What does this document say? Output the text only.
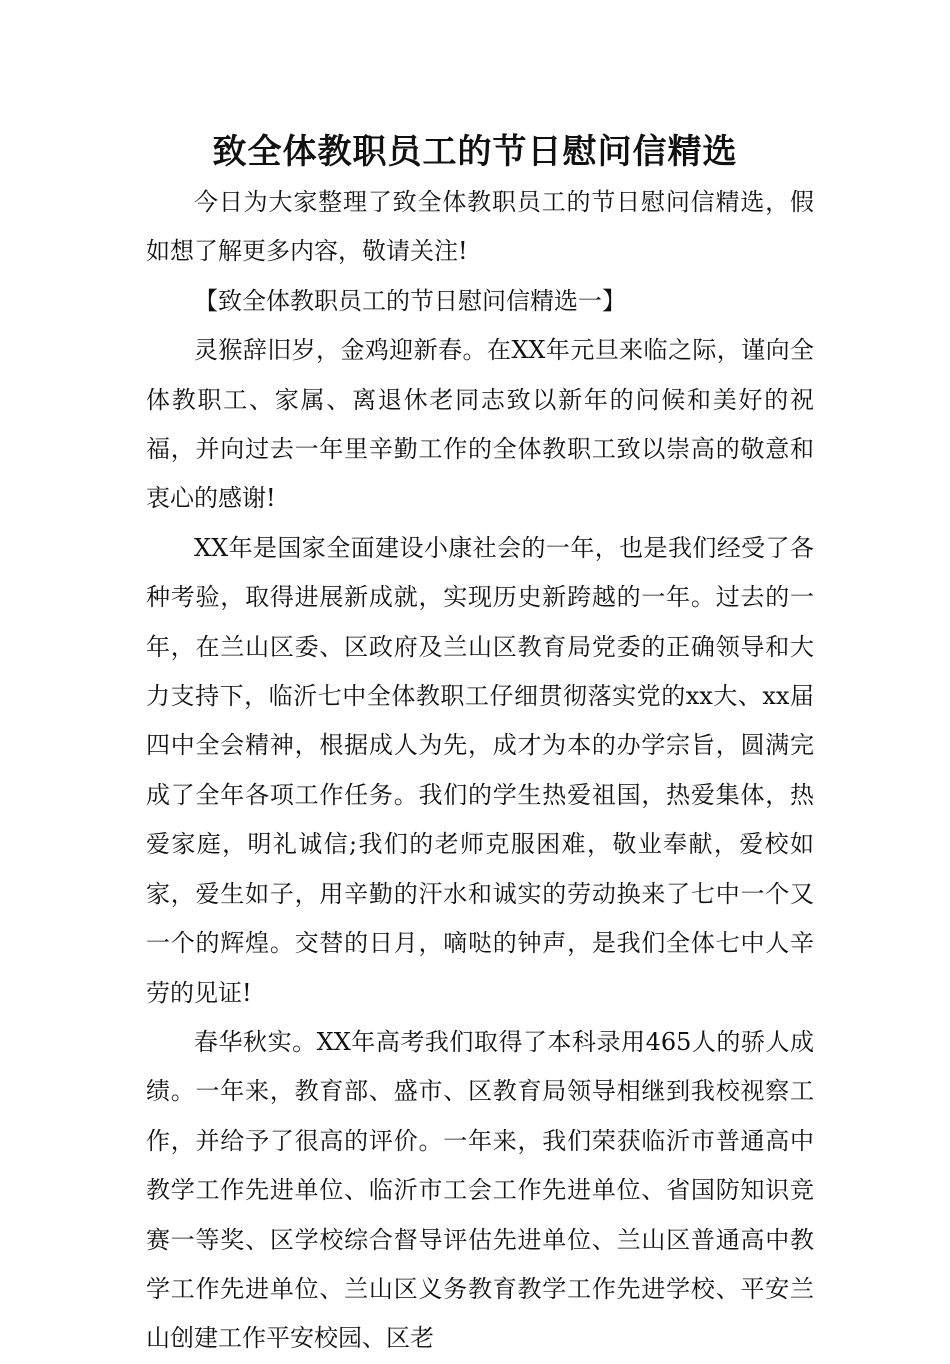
致全体教职员工的节日慰问信精选

今日为大家整理了致全体教职员工的节日慰问信精选，假如想了解更多内容，敬请关注!

【致全体教职员工的节日慰问信精选一】

灵猴辞旧岁，金鸡迎新春。在XX年元旦来临之际，谨向全体教职工、家属、离退休老同志致以新年的问候和美好的祝福，并向过去一年里辛勤工作的全体教职工致以崇高的敬意和衷心的感谢!

XX年是国家全面建设小康社会的一年，也是我们经受了各种考验，取得进展新成就，实现历史新跨越的一年。过去的一年，在兰山区委、区政府及兰山区教育局党委的正确领导和大力支持下，临沂七中全体教职工仔细贯彻落实党的xx大、xx届四中全会精神，根据成人为先，成才为本的办学宗旨，圆满完成了全年各项工作任务。我们的学生热爱祖国，热爱集体，热爱家庭，明礼诚信;我们的老师克服困难，敬业奉献，爱校如家，爱生如子，用辛勤的汗水和诚实的劳动换来了七中一个又一个的辉煌。交替的日月，嘀哒的钟声，是我们全体七中人辛劳的见证!

春华秋实。XX年高考我们取得了本科录用465人的骄人成绩。一年来，教育部、盛市、区教育局领导相继到我校视察工作，并给予了很高的评价。一年来，我们荣获临沂市普通高中教学工作先进单位、临沂市工会工作先进单位、省国防知识竞赛一等奖、区学校综合督导评估先进单位、兰山区普通高中教学工作先进单位、兰山区义务教育教学工作先进学校、平安兰山创建工作平安校园、区老
